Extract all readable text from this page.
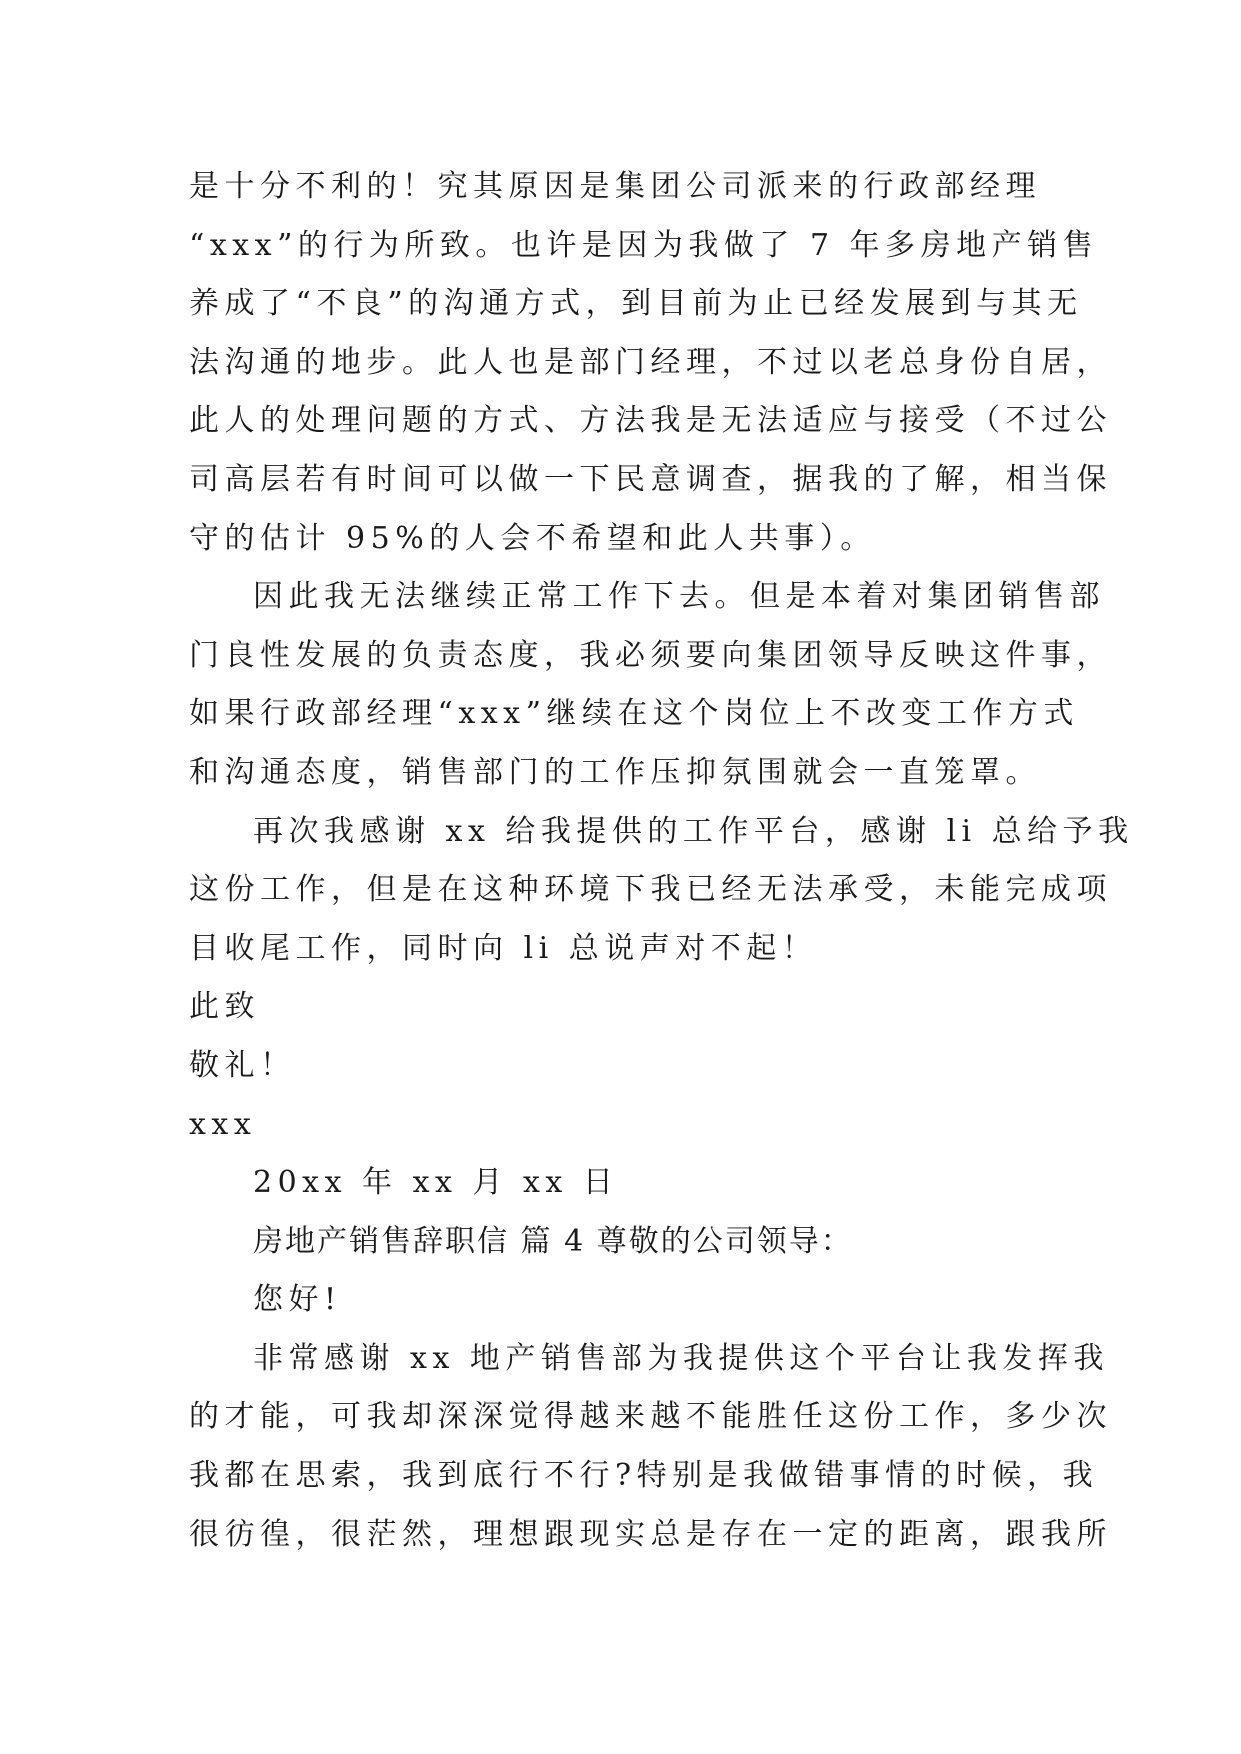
是十分不利的！究其原因是集团公司派来的行政部经理
“xxx”的行为所致。也许是因为我做了 7 年多房地产销售
养成了“不良”的沟通方式，到目前为止已经发展到与其无
法沟通的地步。此人也是部门经理，不过以老总身份自居，
此人的处理问题的方式、方法我是无法适应与接受（不过公
司高层若有时间可以做一下民意调查，据我的了解，相当保
守的估计 95%的人会不希望和此人共事）。
因此我无法继续正常工作下去。但是本着对集团销售部
门良性发展的负责态度，我必须要向集团领导反映这件事，
如果行政部经理“xxx”继续在这个岗位上不改变工作方式
和沟通态度，销售部门的工作压抑氛围就会一直笼罩。
再次我感谢 xx 给我提供的工作平台，感谢 li 总给予我
这份工作，但是在这种环境下我已经无法承受，未能完成项
目收尾工作，同时向 li 总说声对不起！
此致
敬礼！
xxx
20xx 年 xx 月 xx 日
房地产销售辞职信 篇 4 尊敬的公司领导：
您好!
非常感谢 xx 地产销售部为我提供这个平台让我发挥我
的才能，可我却深深觉得越来越不能胜任这份工作，多少次
我都在思索，我到底行不行?特别是我做错事情的时候，我
很彷徨，很茫然，理想跟现实总是存在一定的距离，跟我所
